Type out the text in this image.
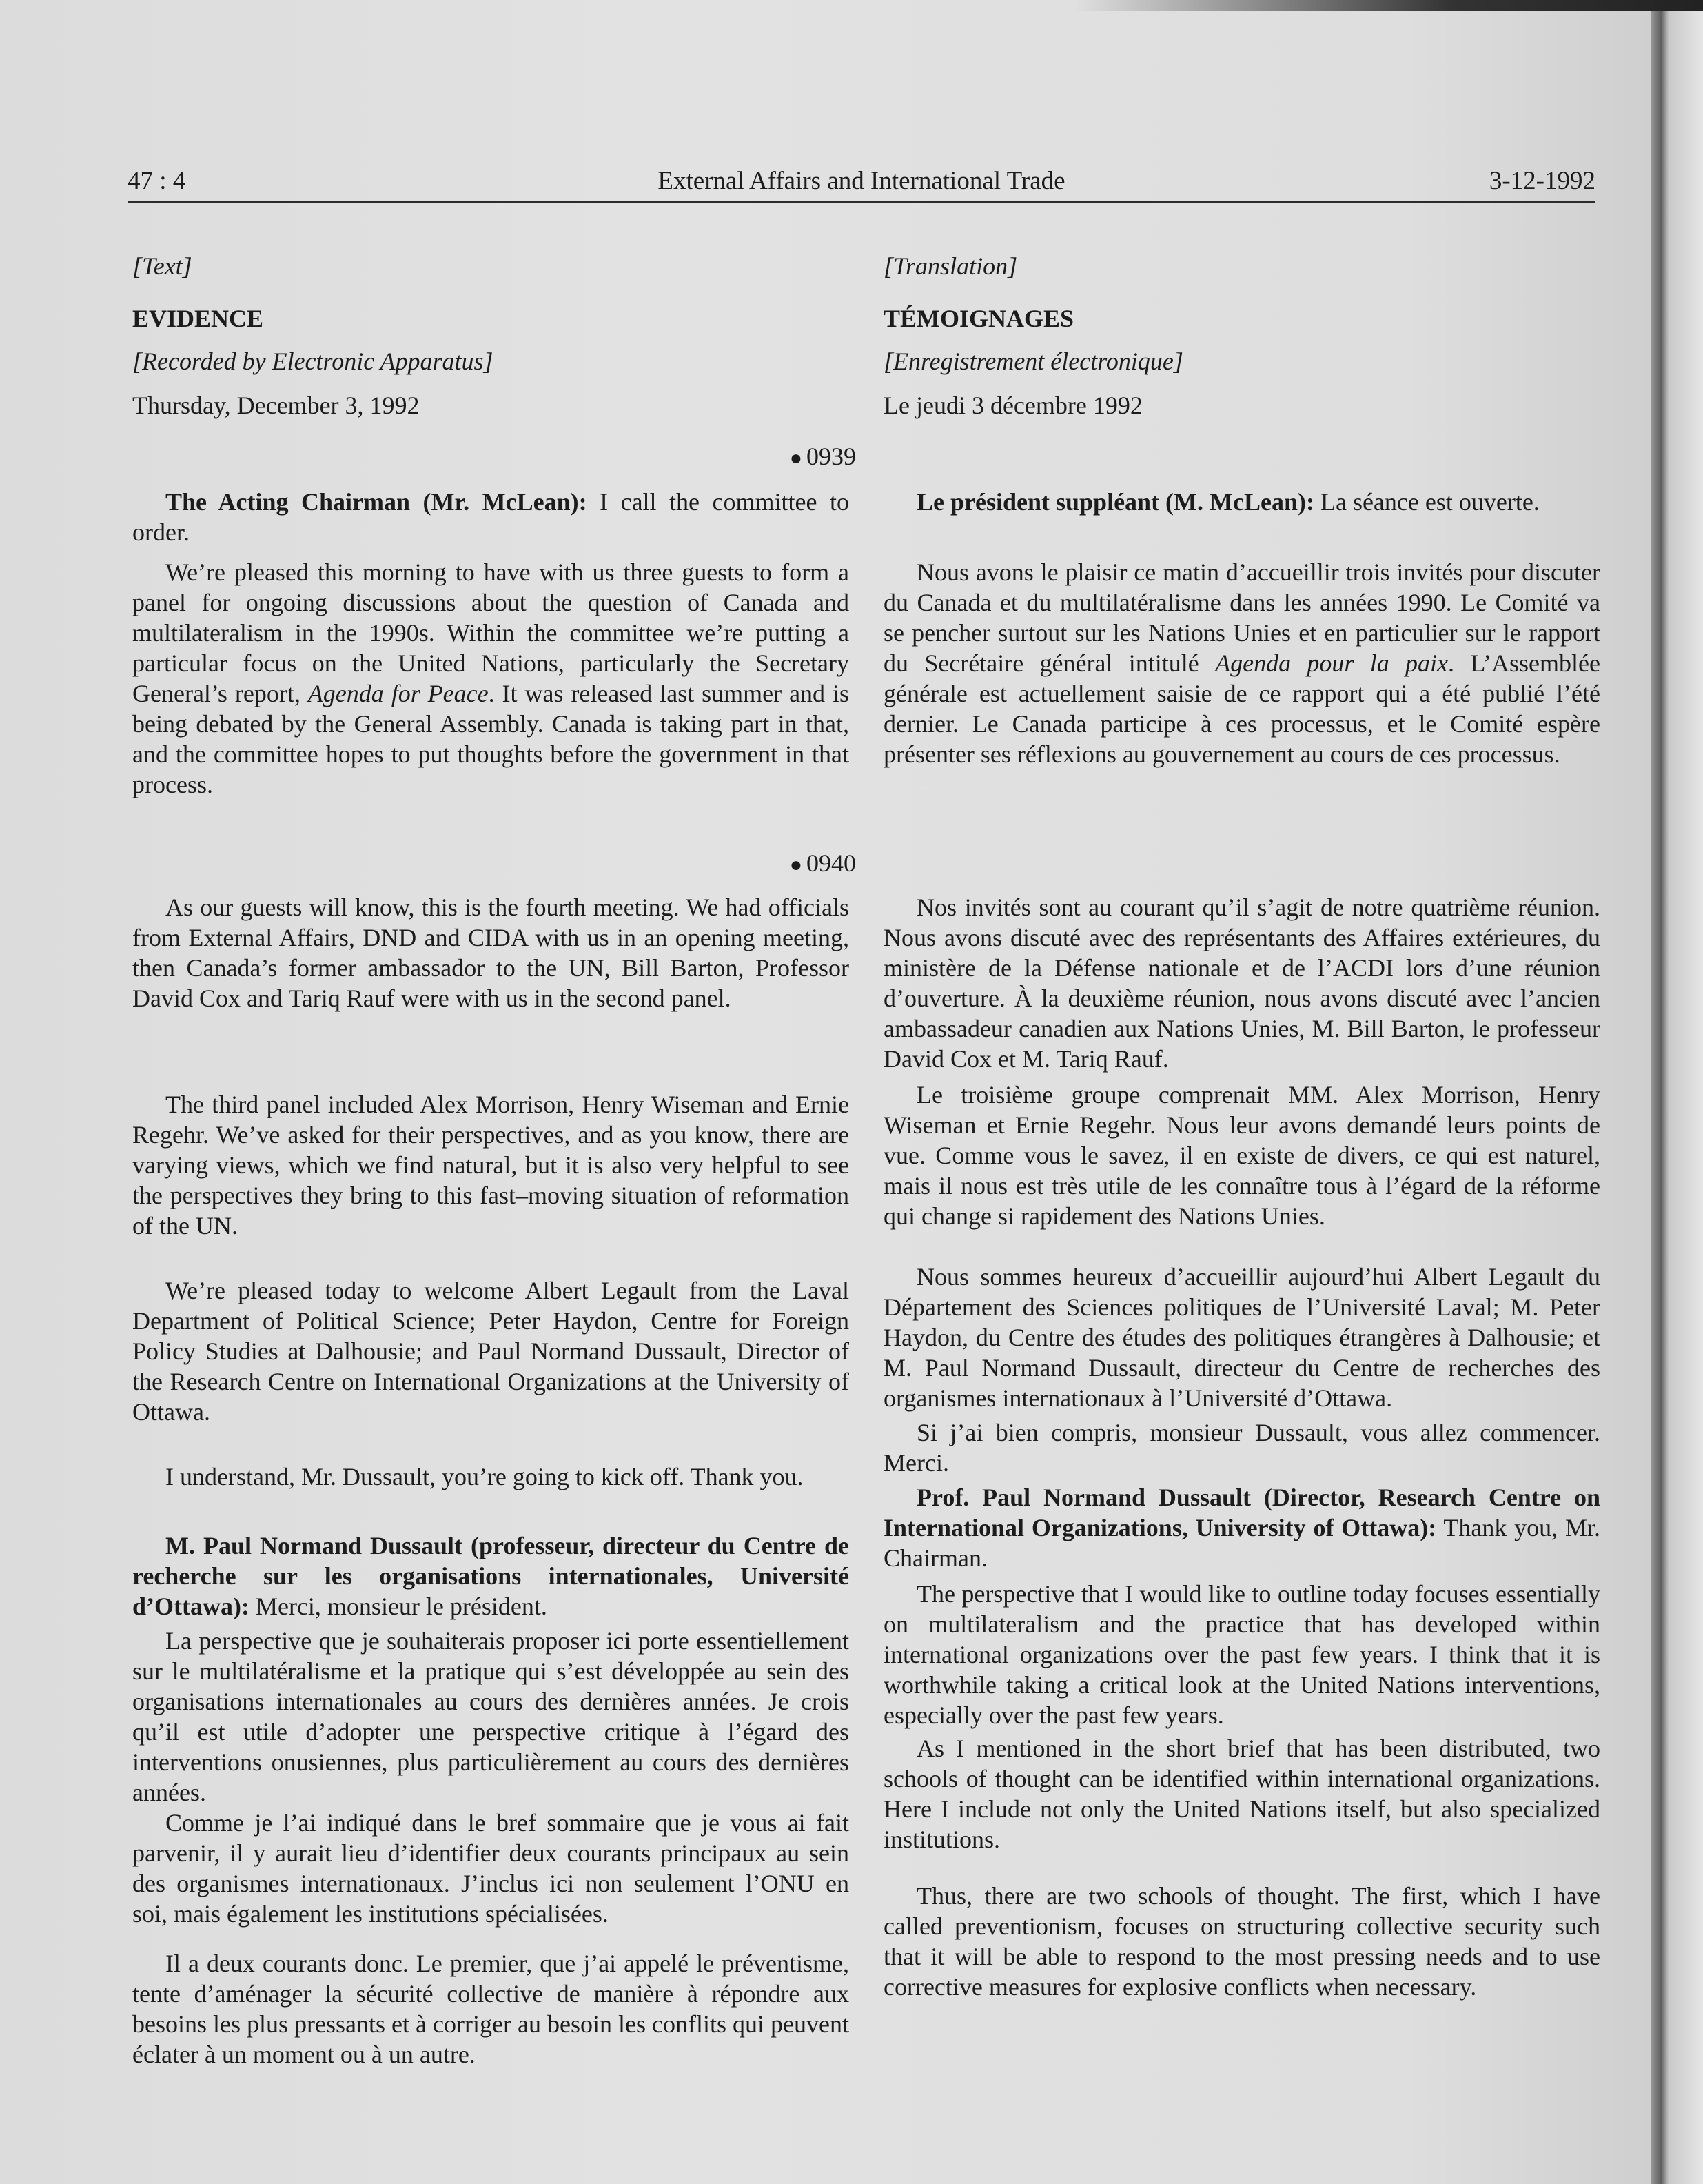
47 : 4	External Affairs and International Trade	3-12-1992
[Text]
EVIDENCE
[Recorded by Electronic Apparatus]
Thursday, December 3, 1992
● 0939

The Acting Chairman (Mr. McLean): I call the committee to order.

We’re pleased this morning to have with us three guests to form a panel for ongoing discussions about the question of Canada and multilateralism in the 1990s. Within the committee we’re putting a particular focus on the United Nations, particularly the Secretary General’s report, Agenda for Peace. It was released last summer and is being debated by the General Assembly. Canada is taking part in that, and the committee hopes to put thoughts before the government in that process.

● 0940

As our guests will know, this is the fourth meeting. We had officials from External Affairs, DND and CIDA with us in an opening meeting, then Canada’s former ambassador to the UN, Bill Barton, Professor David Cox and Tariq Rauf were with us in the second panel.

The third panel included Alex Morrison, Henry Wiseman and Ernie Regehr. We’ve asked for their perspectives, and as you know, there are varying views, which we find natural, but it is also very helpful to see the perspectives they bring to this fast–moving situation of reformation of the UN.

We’re pleased today to welcome Albert Legault from the Laval Department of Political Science; Peter Haydon, Centre for Foreign Policy Studies at Dalhousie; and Paul Normand Dussault, Director of the Research Centre on International Organizations at the University of Ottawa.

I understand, Mr. Dussault, you’re going to kick off. Thank you.

M. Paul Normand Dussault (professeur, directeur du Centre de recherche sur les organisations internationales, Université d’Ottawa): Merci, monsieur le président.

La perspective que je souhaiterais proposer ici porte essentiellement sur le multilatéralisme et la pratique qui s’est développée au sein des organisations internationales au cours des dernières années. Je crois qu’il est utile d’adopter une perspective critique à l’égard des interventions onusiennes, plus particulièrement au cours des dernières années.

Comme je l’ai indiqué dans le bref sommaire que je vous ai fait parvenir, il y aurait lieu d’identifier deux courants principaux au sein des organismes internationaux. J’inclus ici non seulement l’ONU en soi, mais également les institutions spécialisées.

Il a deux courants donc. Le premier, que j’ai appelé le préventisme, tente d’aménager la sécurité collective de manière à répondre aux besoins les plus pressants et à corriger au besoin les conflits qui peuvent éclater à un moment ou à un autre.

[Translation]
TÉMOIGNAGES
[Enregistrement électronique]
Le jeudi 3 décembre 1992

Le président suppléant (M. McLean): La séance est ouverte.

Nous avons le plaisir ce matin d’accueillir trois invités pour discuter du Canada et du multilatéralisme dans les années 1990. Le Comité va se pencher surtout sur les Nations Unies et en particulier sur le rapport du Secrétaire général intitulé Agenda pour la paix. L’Assemblée générale est actuellement saisie de ce rapport qui a été publié l’été dernier. Le Canada participe à ces processus, et le Comité espère présenter ses réflexions au gouvernement au cours de ces processus.

Nos invités sont au courant qu’il s’agit de notre quatrième réunion. Nous avons discuté avec des représentants des Affaires extérieures, du ministère de la Défense nationale et de l’ACDI lors d’une réunion d’ouverture. À la deuxième réunion, nous avons discuté avec l’ancien ambassadeur canadien aux Nations Unies, M. Bill Barton, le professeur David Cox et M. Tariq Rauf.

Le troisième groupe comprenait MM. Alex Morrison, Henry Wiseman et Ernie Regehr. Nous leur avons demandé leurs points de vue. Comme vous le savez, il en existe de divers, ce qui est naturel, mais il nous est très utile de les connaître tous à l’égard de la réforme qui change si rapidement des Nations Unies.

Nous sommes heureux d’accueillir aujourd’hui Albert Legault du Département des Sciences politiques de l’Université Laval; M. Peter Haydon, du Centre des études des politiques étrangères à Dalhousie; et M. Paul Normand Dussault, directeur du Centre de recherches des organismes internationaux à l’Université d’Ottawa.

Si j’ai bien compris, monsieur Dussault, vous allez commencer. Merci.

Prof. Paul Normand Dussault (Director, Research Centre on International Organizations, University of Ottawa): Thank you, Mr. Chairman.

The perspective that I would like to outline today focuses essentially on multilateralism and the practice that has developed within international organizations over the past few years. I think that it is worthwhile taking a critical look at the United Nations interventions, especially over the past few years.

As I mentioned in the short brief that has been distributed, two schools of thought can be identified within international organizations. Here I include not only the United Nations itself, but also specialized institutions.

Thus, there are two schools of thought. The first, which I have called preventionism, focuses on structuring collective security such that it will be able to respond to the most pressing needs and to use corrective measures for explosive conflicts when necessary.
